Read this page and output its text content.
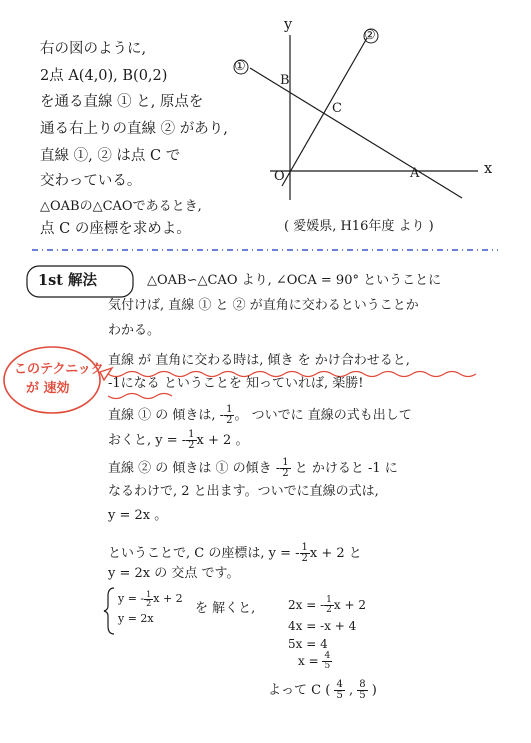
右の図のように,
2点 A(4,0), B(0,2)
を通る直線 ① と, 原点を
通る右上りの直線 ② があり,
直線 ①, ② は点 C で
交わっている。
△OABの△CAOであるとき,
点 C の座標を求めよ。	( 愛媛県, H16年度 より )
y
x
O	A
B
C
①
②
1st 解法
このテクニック
が 速効
△OAB∽△CAO より, ∠OCA = 90° ということに
気付けば, 直線 ① と ② が直角に交わるということか
わかる。
直線 が 直角に交わる時は, 傾き を かけ合わせると,
-1になる ということを 知っていれば, 楽勝!
直線 ① の 傾きは, - $\frac{1}{2}$ 。 ついでに 直線の式も出して
おくと, y = - $\frac{1}{2}$ x + 2 。
直線 ② の 傾きは ① の傾き - $\frac{1}{2}$ と かけると -1 に
なるわけで, 2 と出ます。ついでに直線の式は,
y = 2x 。
ということで, C の座標は, y = - $\frac{1}{2}$ x + 2 と
y = 2x の 交点 です。
y = - $\frac{1}{2}$ x + 2
y = 2x
を 解くと,	2x = - $\frac{1}{2}$ x + 2
4x = -x + 4
5x = 4
$x = \frac{4}{5}$
よって C ( $\frac{4}{5}$ , $\frac{8}{5}$ )
